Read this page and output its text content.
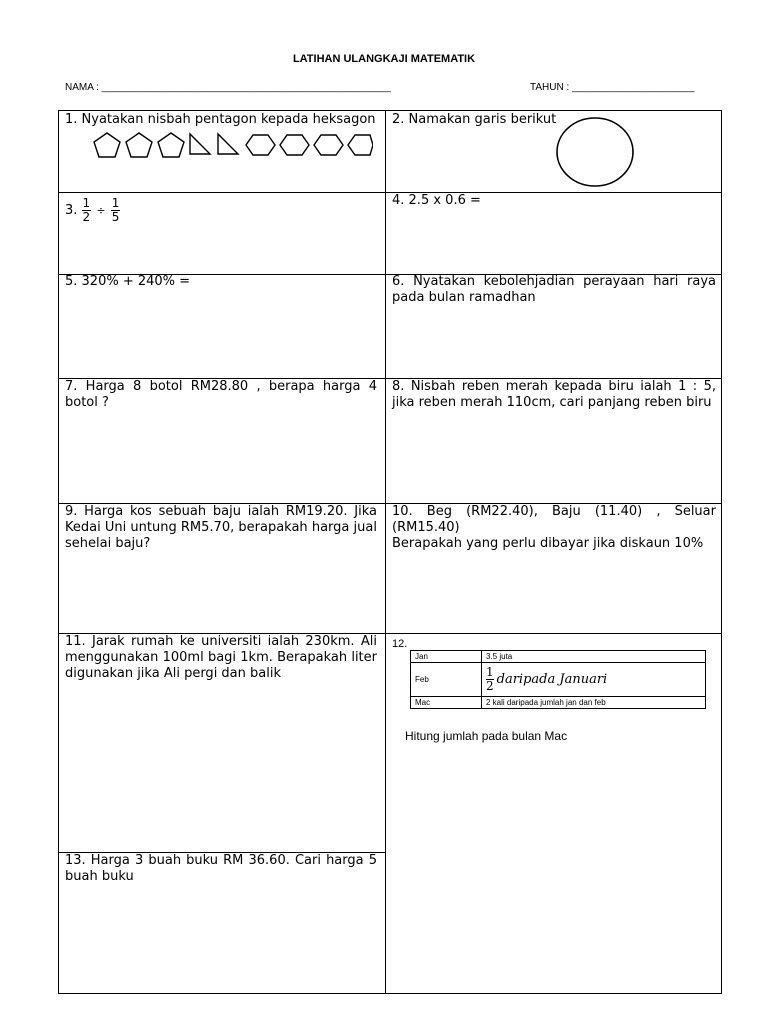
LATIHAN ULANGKAJI MATEMATIK
NAMA : ____________________________________________________	TAHUN : ______________________
1. Nyatakan nisbah pentagon kepada heksagon 2. Namakan garis berikut
3. $\frac{1}{2} \div \frac{1}{5}$	4. 2.5 x 0.6 =
5. 320% + 240% =	6. Nyatakan kebolehjadian perayaan hari raya pada bulan ramadhan
7. Harga 8 botol RM28.80 , berapa harga 4 botol ?
8. Nisbah reben merah kepada biru ialah 1 : 5, jika reben merah 110cm, cari panjang reben biru
9. Harga kos sebuah baju ialah RM19.20. Jika Kedai Uni untung RM5.70, berapakah harga jual sehelai baju?
10. Beg (RM22.40), Baju (11.40) , Seluar (RM15.40)
Berapakah yang perlu dibayar jika diskaun 10%
11. Jarak rumah ke universiti ialah 230km. Ali menggunakan 100ml bagi 1km. Berapakah liter digunakan jika Ali pergi dan balik
12.
Jan	3.5 juta
Feb	$\frac{1}{2}$ daripada Januari
Mac	2 kali daripada jumlah jan dan feb
Hitung jumlah pada bulan Mac
13. Harga 3 buah buku RM 36.60. Cari harga 5 buah buku
